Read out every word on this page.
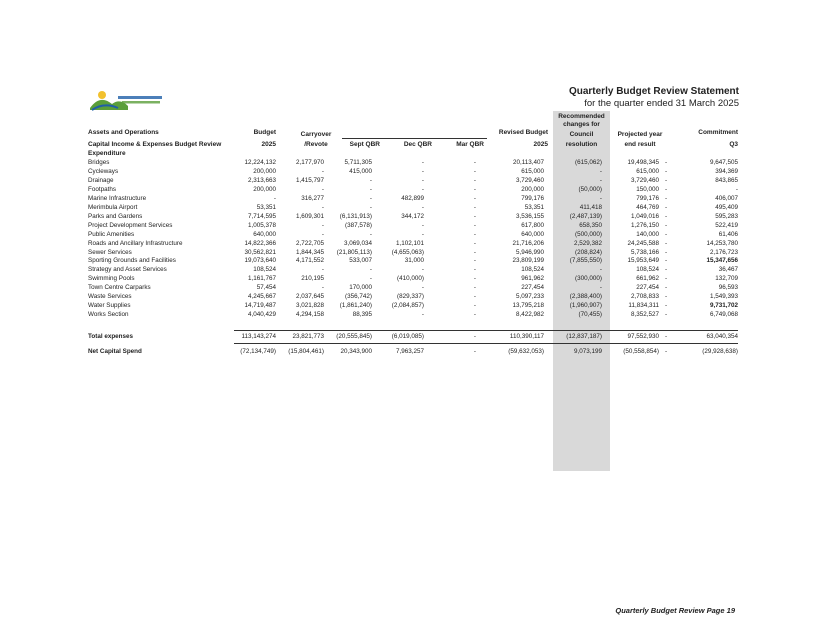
Quarterly Budget Review Statement
for the quarter ended 31 March 2025
Assets and Operations
Capital Income & Expenses Budget Review
Budget
2025
Carryover
/Revote	Sept QBR	Dec QBR	Mar QBR
Revised Budget
2025
Recommended
changes for
Council
resolution
Projected year
end result
Commitment
Q3
Expenditure
Bridges	12,224,132	2,177,970	5,711,305	-	-	20,113,407	(615,062)	19,498,345	-	9,647,505
Cycleways	200,000	-	415,000	-	-	615,000	-	615,000	-	394,369
Drainage	2,313,663	1,415,797	-	-	-	3,729,460	-	3,729,460	-	843,865
Footpaths	200,000	-	-	-	-	200,000	(50,000)	150,000	-	-
Marine Infrastructure	-	316,277	-	482,899	-	799,176	-	799,176	-	406,007
Merimbula Airport	53,351	-	-	-	-	53,351	411,418	464,769	-	495,409
Parks and Gardens	7,714,595	1,609,301	(6,131,913)	344,172	-	3,536,155	(2,487,139)	1,049,016	-	595,283
Project Development Services	1,005,378	-	(387,578)	-	-	617,800	658,350	1,276,150	-	522,419
Public Amenities	640,000	-	-	-	-	640,000	(500,000)	140,000	-	61,406
Roads and Ancillary Infrastructure	14,822,366	2,722,705	3,069,034	1,102,101	-	21,716,206	2,529,382	24,245,588	-	14,253,780
Sewer Services	30,562,821	1,844,345	(21,805,113)	(4,655,063)	-	5,946,990	(208,824)	5,738,166	-	2,176,723
Sporting Grounds and Facilities	19,073,640	4,171,552	533,007	31,000	-	23,809,199	(7,855,550)	15,953,649	-	15,347,656
Strategy and Asset Services	108,524	-	-	-	-	108,524	-	108,524	-	36,467
Swimming Pools	1,161,767	210,195	-	(410,000)	-	961,962	(300,000)	661,962	-	132,709
Town Centre Carparks	57,454	-	170,000	-	-	227,454	-	227,454	-	96,593
Waste Services	4,245,667	2,037,645	(356,742)	(829,337)	-	5,097,233	(2,388,400)	2,708,833	-	1,549,393
Water Supplies	14,719,487	3,021,828	(1,861,240)	(2,084,857)	-	13,795,218	(1,960,907)	11,834,311	-	9,731,702
Works Section	4,040,429	4,294,158	88,395	-	-	8,422,982	(70,455)	8,352,527	-	6,749,068
Total expenses	113,143,274	23,821,773	(20,555,845)	(6,019,085)	-	110,390,117	(12,837,187)	97,552,930	-	63,040,354
Net Capital Spend	(72,134,749)	(15,804,461)	20,343,900	7,963,257	-	(59,632,053)	9,073,199	(50,558,854)	-	(29,928,638)
Quarterly Budget Review Page 19
